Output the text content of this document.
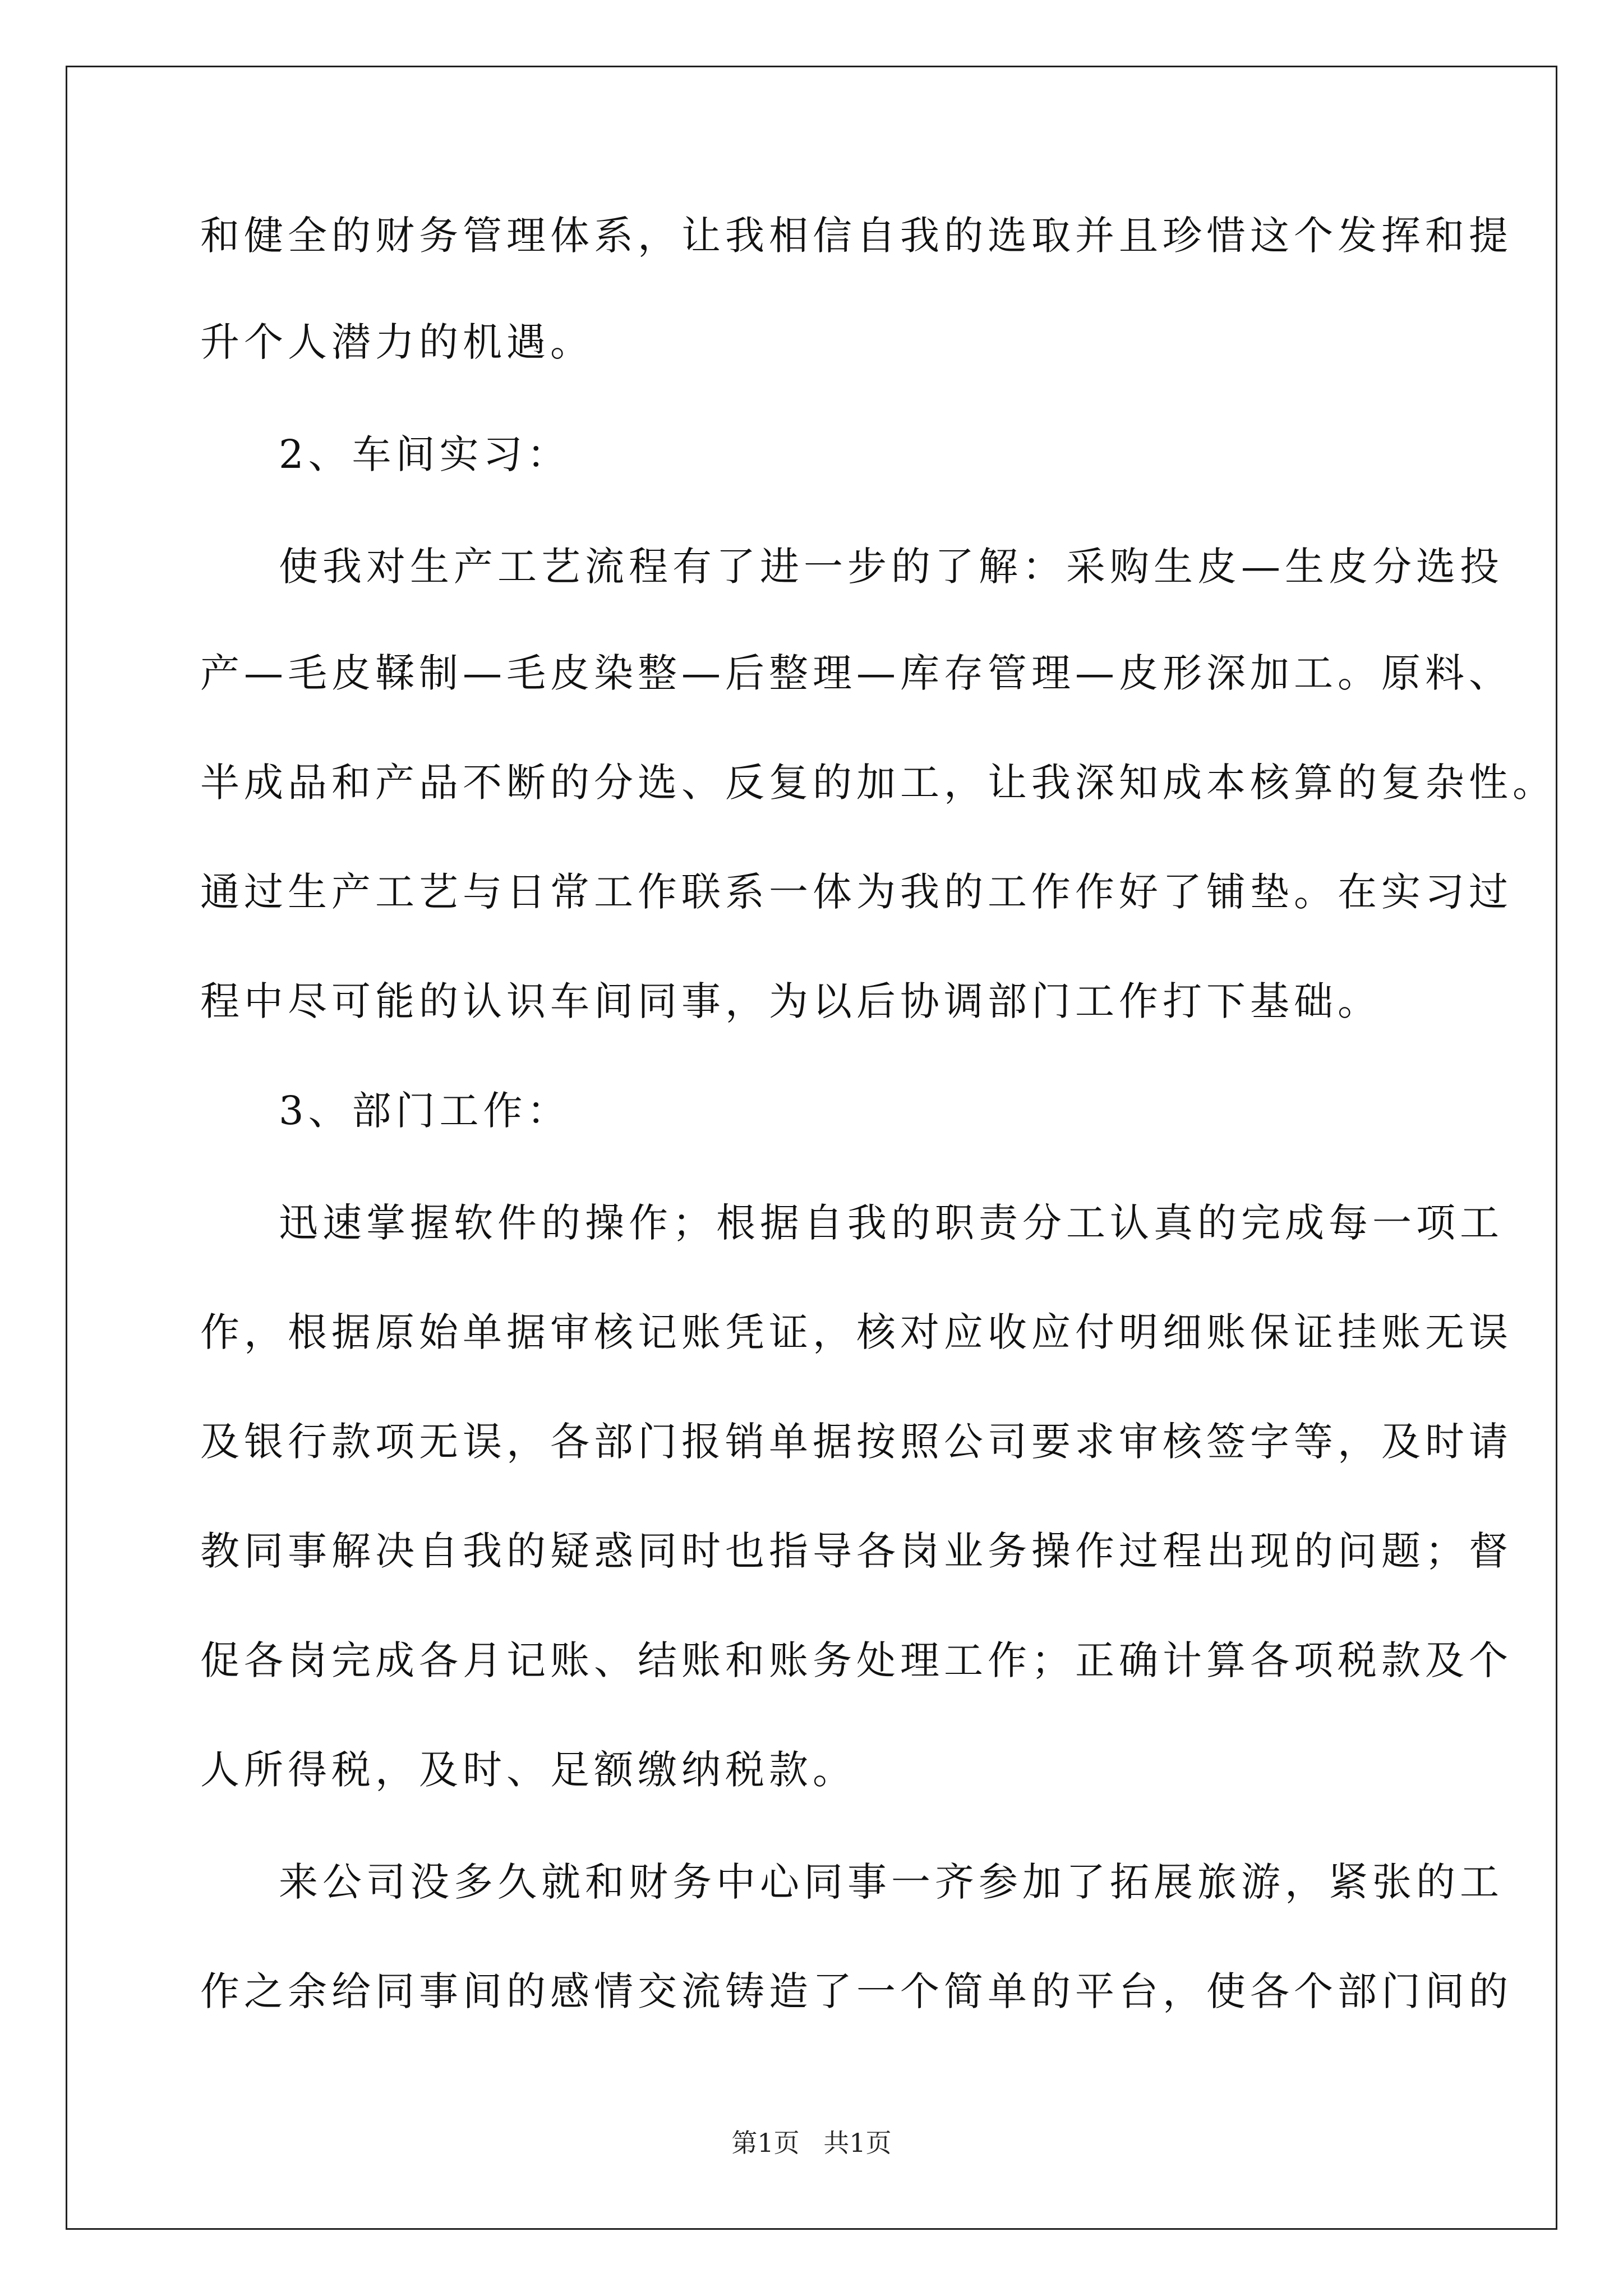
和健全的财务管理体系，让我相信自我的选取并且珍惜这个发挥和提
升个人潜力的机遇。
2、车间实习：
使我对生产工艺流程有了进一步的了解：采购生皮—生皮分选投
产—毛皮鞣制—毛皮染整—后整理—库存管理—皮形深加工。原料、
半成品和产品不断的分选、反复的加工，让我深知成本核算的复杂性。
通过生产工艺与日常工作联系一体为我的工作作好了铺垫。在实习过
程中尽可能的认识车间同事，为以后协调部门工作打下基础。
3、部门工作：
迅速掌握软件的操作；根据自我的职责分工认真的完成每一项工
作，根据原始单据审核记账凭证，核对应收应付明细账保证挂账无误
及银行款项无误，各部门报销单据按照公司要求审核签字等，及时请
教同事解决自我的疑惑同时也指导各岗业务操作过程出现的问题；督
促各岗完成各月记账、结账和账务处理工作；正确计算各项税款及个
人所得税，及时、足额缴纳税款。
来公司没多久就和财务中心同事一齐参加了拓展旅游，紧张的工
作之余给同事间的感情交流铸造了一个简单的平台，使各个部门间的
第1页 共1页
